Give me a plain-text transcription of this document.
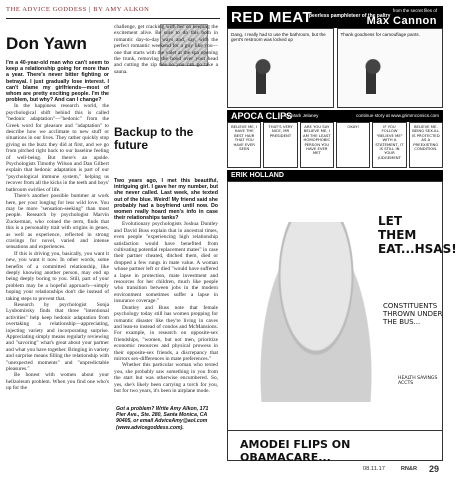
THE ADVICE GODDESS | BY AMY ALKON
Don Yawn

I'm a 40-year-old man who can't seem to keep a relationship going for more than a year. There's never bitter fighting or betrayal. I just gradually lose interest. I can't blame my girlfriends—most of whom are pretty exciting people. I'm the problem, but why? And can I change?

In the happiness research world, the psychological shift behind this is called "hedonic adaptation"—"hedonic" from the Greek word for pleasure and "adaptation" to describe how we acclimate to new stuff or situations in our lives. They rather quickly stop giving us the buzz they did at first, and we go from pitched right back to our baseline feeling of well-being. But there's an upside. Psychologists Timothy Wilson and Dan Gilbert explain that hedonic adaptation is part of our "psychological immune system," helping us recover from all the kicks in the teeth and boys' bathroom swirlies of life.

There's another possible bummer at work here, per your longing for less wild love. You may be more "sensation-seeking" than most people. Research by psychologist Marvin Zuckerman, who coined the term, finds that this is a personality trait with origins in genes, as well as experience, reflected in strong cravings for novel, varied and intense sensations and experiences.

If this is driving you, basically, you want it new, you want it now. In other words, some benefits of a committed relationship, like deeply knowing another person, may end up being deeply boring to you. Still, part of your problem may be a hopeful approach—simply hoping your relationships don't die instead of taking steps to prevent that.

Research by psychologist Sonja Lyubomirsky finds that three "intentional activities" help keep hedonic adaptation from overtaking a relationship—appreciating, injecting variety and incorporating surprise. Appreciating simply means regularly reviewing and "savoring" what's great about your partner and what you have together. Bringing in variety and surprise means filling the relationship with "unexpected moments" and "unpredictable pleasures."

Be honest with women about your hellzoleum problem. When you find one who's up for the

challenge, get cracking with her on keeping the excitement alive. Be sure to do this both in romantic day-to-day ways and, say, with the perfect romantic weekend for a guy like you—one that starts with the valet at the spa opening the trunk, removing the hood over your head and cutting the zip ties so you can go take a sauna.

Backup to the future

Two years ago, I met this beautiful, intriguing girl. I gave her my number, but she never called. Last week, she texted out of the blue. Weird! My friend said she probably had a boyfriend until now. Do women really hoard men's info in case their relationships tanks?

Evolutionary psychologists Joshua Duntley and David Buss explain that in ancestral times, even people "experiencing high relationship satisfaction would have benefited from cultivating potential replacement mates" in case their partner cheated, ditched them, died or dropped a few rungs in mate value. A woman whose partner left or died "would have suffered a lapse in protection, mate investment and resources for her children, much like people who transition between jobs in the modern environment sometimes suffer a lapse in insurance coverage."

Duntley and Buss note that female psychology today still has women prepping for romantic disaster like they're living in caves and lean-to instead of condos and McMansions. For example, in research on opposite-sex friendships, "women, but not men, prioritize economic resources and physical prowess in their opposite-sex friends, a discrepancy that mirrors sex-differences in mate preferences."

Whether this particular woman who texted you, she probably saw something in you from the start but was otherwise encumbered. So, yes, she's likely been carrying a torch for you, but for two years, it's been in airplane mode.

Got a problem? Write Amy Alkon, 171 Pier Ave., Ste. 280, Santa Monica, CA 90405, or email AdviceAmy@aol.com (www.advicegoddess.com).
RED MEAT
peerless pamphleteer of the paltry
from the secret files of
Max Cannon
Dang, I really had to use the bathroom, but the gent's restroom was locked up
Thank goodness for camouflage pants.
APOCA CLIPS
by Mark Jelaney	continue story at www.grimmcomics.com
BELIEVE ME, I HAVE THE BEST HAIR THAT YOU HAVE EVER SEEN
THAT'S VERY NICE, MR PRESIDENT
ARE YOU SAY BELIEVE ME, I AM THE LEAST HOMOPHOBIC PERSON YOU HAVE EVER MET
OKAY!	IF YOU FOLLOW "BELIEVE ME" WITH A STATEMENT, IT IS STILL IN YOUR JUDGEMENT
BELIEVE ME. BEING SEX-ILL IS PROTECTED AS A PREEXISTING CONDITION.
ERIK HOLLAND
LET THEM EAT...HSAS!
CONSTITUENTS THROWN UNDER THE BUS...
HEALTH SAVINGS ACCTS
AMODEI FLIPS ON OBAMACARE...
08.11.17	RN&R 29
